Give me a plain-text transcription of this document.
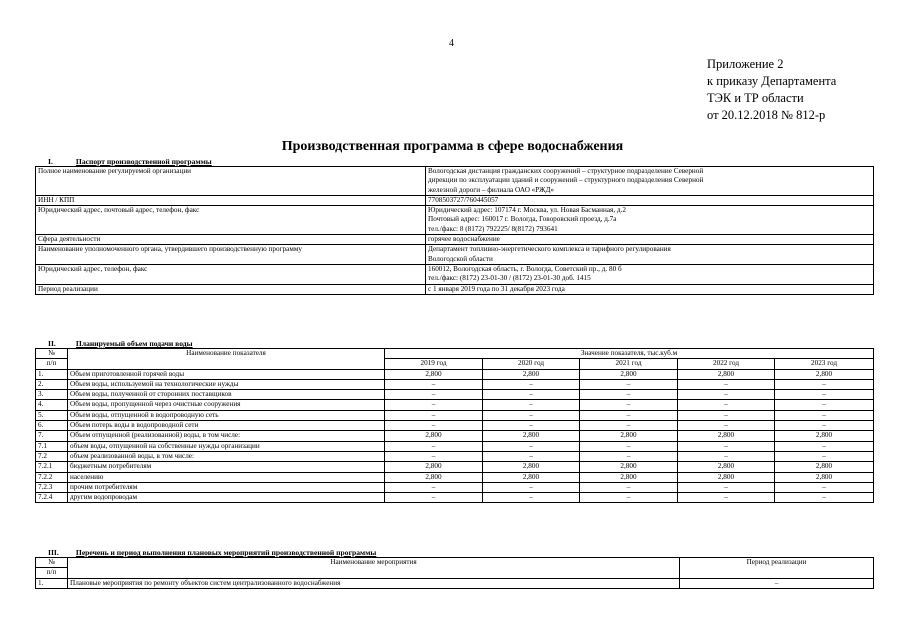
4
Приложение 2
к приказу Департамента
ТЭК и ТР области
от 20.12.2018 № 812-р
Производственная программа в сфере водоснабжения
I.	Паспорт производственной программы
Полное наименование регулируемой организации	Вологодская дистанция гражданских сооружений – структурное подразделение Северной
дирекции по эксплуатации зданий и сооружений – структурного подразделения Северной
железной дороги – филиала ОАО «РЖД»

ИНН / КПП	7708503727/760445057

Юридический адрес, почтовый адрес, телефон, факс	Юридический адрес: 107174 г. Москва, ул. Новая Басманная, д.2
Почтовый адрес: 160017 г. Вологда, Говоровский проезд, д.7а
тел./факс: 8 (8172) 792225/ 8(8172) 793641

Сфера деятельности	горячее водоснабжение

Наименование уполномоченного органа, утвердившего производственную программу	Департамент топливно-энергетического комплекса и тарифного регулирования
Вологодской области

Юридический адрес, телефон, факс	160012, Вологодская область, г. Вологда, Советский пр., д. 80 б
тел./факс: (8172) 23-01-30 / (8172) 23-01-30 доб. 1415

Период реализации	с 1 января 2019 года по 31 декабря 2023 года
II.	Планируемый объем подачи воды
№	Наименование показателя	Значение показателя, тыс.куб.м				
п/п		2019 год	2020 год	2021 год	2022 год	2023 год
1.	Объем приготовленной горячей воды	2,800	2,800	2,800	2,800	2,800
2.	Объем воды, используемой на технологические нужды	–	–	–	–	–
3.	Объем воды, полученной от сторонних поставщиков	–	–	–	–	–
4.	Объем воды, пропущенной через очистные сооружения	–	–	–	–	–
5.	Объем воды, отпущенной в водопроводную сеть	–	–	–	–	–
6.	Объем потерь воды в водопроводной сети	–	–	–	–	–
7.	Объем отпущенной (реализованной) воды, в том числе:	2,800	2,800	2,800	2,800	2,800
7.1	объем воды, отпущенной на собственные нужды организации	–	–	–	–	–
7.2	объем реализованной воды, в том числе:	–	–	–	–	–
7.2.1	бюджетным потребителям	2,800	2,800	2,800	2,800	2,800
7.2.2	населению	2,800	2,800	2,800	2,800	2,800
7.2.3	прочим потребителям	–	–	–	–	–
7.2.4	другим водопроводам	–	–	–	–	–
III. Перечень и период выполнения плановых мероприятий производственной программы
№	Наименование мероприятия	Период реализации
п/п		
1.	Плановые мероприятия по ремонту объектов систем централизованного водоснабжения	–
